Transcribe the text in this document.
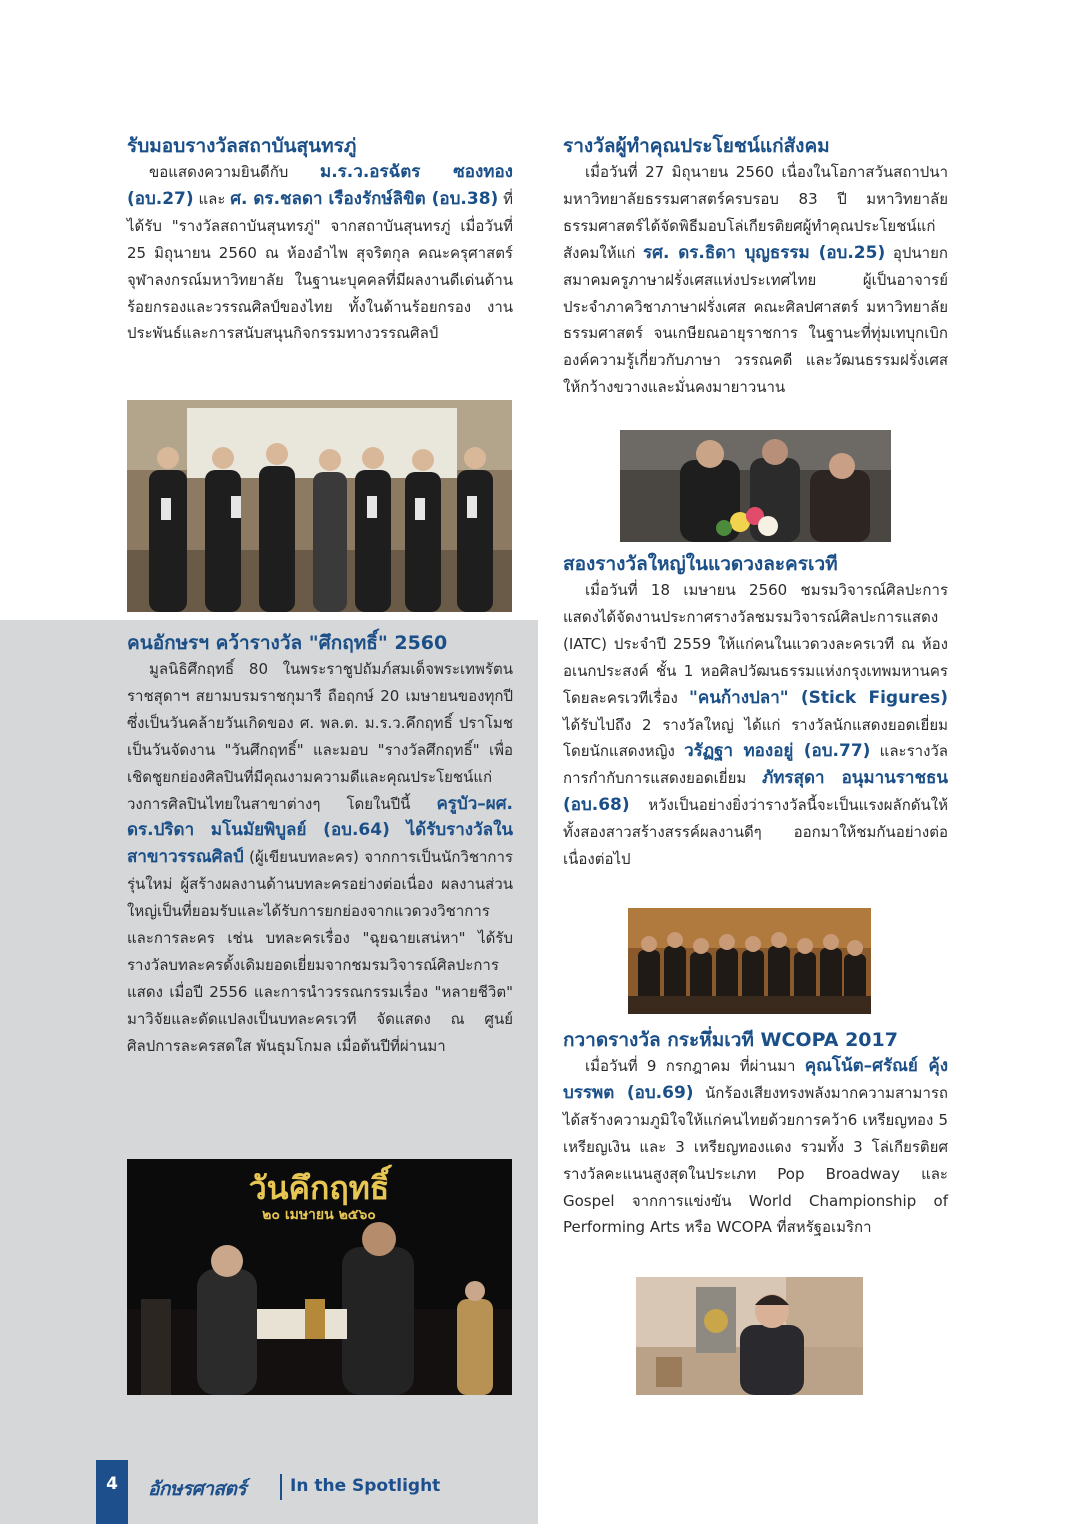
รับมอบรางวัลสถาบันสุนทรภู่

ขอแสดงความยินดีกับ ม.ร.ว.อรฉัตร ซองทอง (อบ.27) และ ศ. ดร.ชลดา เรืองรักษ์ลิขิต (อบ.38) ที่ได้รับ "รางวัลสถาบันสุนทรภู่" จากสถาบันสุนทรภู่ เมื่อวันที่ 25 มิถุนายน 2560 ณ ห้องอำไพ สุจริตกุล คณะครุศาสตร์ จุฬาลงกรณ์มหาวิทยาลัย ในฐานะบุคคลที่มีผลงานดีเด่นด้านร้อยกรองและวรรณศิลป์ของไทย ทั้งในด้านร้อยกรอง งานประพันธ์และการสนับสนุนกิจกรรมทางวรรณศิลป์

คนอักษรฯ คว้ารางวัล "ศึกฤทธิ์" 2560

มูลนิธิศึกฤทธิ์ 80 ในพระราชูปถัมภ์สมเด็จพระเทพรัตนราชสุดาฯ สยามบรมราชกุมารี ถือฤกษ์ 20 เมษายนของทุกปี ซึ่งเป็นวันคล้ายวันเกิดของ ศ. พล.ต. ม.ร.ว.คึกฤทธิ์ ปราโมช เป็นวันจัดงาน "วันศึกฤทธิ์" และมอบ "รางวัลศึกฤทธิ์" เพื่อเชิดชูยกย่องศิลปินที่มีคุณงามความดีและคุณประโยชน์แก่วงการศิลปินไทยในสาขาต่างๆ โดยในปีนี้ ครูบัว–ผศ. ดร.ปริดา มโนมัยพิบูลย์ (อบ.64) ได้รับรางวัลในสาขาวรรณศิลป์ (ผู้เขียนบทละคร) จากการเป็นนักวิชาการรุ่นใหม่ ผู้สร้างผลงานด้านบทละครอย่างต่อเนื่อง ผลงานส่วนใหญ่เป็นที่ยอมรับและได้รับการยกย่องจากแวดวงวิชาการและการละคร เช่น บทละครเรื่อง "ฉุยฉายเสน่หา" ได้รับรางวัลบทละครดั้งเดิมยอดเยี่ยมจากชมรมวิจารณ์ศิลปะการแสดง เมื่อปี 2556 และการนำวรรณกรรมเรื่อง "หลายชีวิต" มาวิจัยและดัดแปลงเป็นบทละครเวที จัดแสดง ณ ศูนย์ศิลปการละครสดใส พันธุมโกมล เมื่อต้นปีที่ผ่านมา

วันคึกฤทธิ์
๒๐ เมษายน ๒๕๖๐
รางวัลผู้ทำคุณประโยชน์แก่สังคม

เมื่อวันที่ 27 มิถุนายน 2560 เนื่องในโอกาสวันสถาปนามหาวิทยาลัยธรรมศาสตร์ครบรอบ 83 ปี มหาวิทยาลัยธรรมศาสตร์ได้จัดพิธีมอบโล่เกียรติยศผู้ทำคุณประโยชน์แก่สังคมให้แก่ รศ. ดร.ธิดา บุญธรรม (อบ.25) อุปนายกสมาคมครูภาษาฝรั่งเศสแห่งประเทศไทย ผู้เป็นอาจารย์ประจำภาควิชาภาษาฝรั่งเศส คณะศิลปศาสตร์ มหาวิทยาลัยธรรมศาสตร์ จนเกษียณอายุราชการ ในฐานะที่ทุ่มเทบุกเบิกองค์ความรู้เกี่ยวกับภาษา วรรณคดี และวัฒนธรรมฝรั่งเศสให้กว้างขวางและมั่นคงมายาวนาน

สองรางวัลใหญ่ในแวดวงละครเวที

เมื่อวันที่ 18 เมษายน 2560 ชมรมวิจารณ์ศิลปะการแสดงได้จัดงานประกาศรางวัลชมรมวิจารณ์ศิลปะการแสดง (IATC) ประจำปี 2559 ให้แก่คนในแวดวงละครเวที ณ ห้องอเนกประสงค์ ชั้น 1 หอศิลปวัฒนธรรมแห่งกรุงเทพมหานคร โดยละครเวทีเรื่อง "คนก้างปลา" (Stick Figures) ได้รับไปถึง 2 รางวัลใหญ่ ได้แก่ รางวัลนักแสดงยอดเยี่ยมโดยนักแสดงหญิง วรัฏฐา ทองอยู่ (อบ.77) และรางวัลการกำกับการแสดงยอดเยี่ยม ภัทรสุดา อนุมานราชธน (อบ.68) หวังเป็นอย่างยิ่งว่ารางวัลนี้จะเป็นแรงผลักดันให้ทั้งสองสาวสร้างสรรค์ผลงานดีๆ ออกมาให้ชมกันอย่างต่อเนื่องต่อไป

กวาดรางวัล กระหึ่มเวที WCOPA 2017

เมื่อวันที่ 9 กรกฎาคม ที่ผ่านมา คุณโน้ต–ศรัณย์ คุ้งบรรพต (อบ.69) นักร้องเสียงทรงพลังมากความสามารถได้สร้างความภูมิใจให้แก่คนไทยด้วยการคว้า6 เหรียญทอง 5 เหรียญเงิน และ 3 เหรียญทองแดง รวมทั้ง 3 โล่เกียรติยศ รางวัลคะแนนสูงสุดในประเภท Pop Broadway และ Gospel จากการแข่งขัน World Championship of Performing Arts หรือ WCOPA ที่สหรัฐอเมริกา

4	อักษรศาสตร์	In the Spotlight
